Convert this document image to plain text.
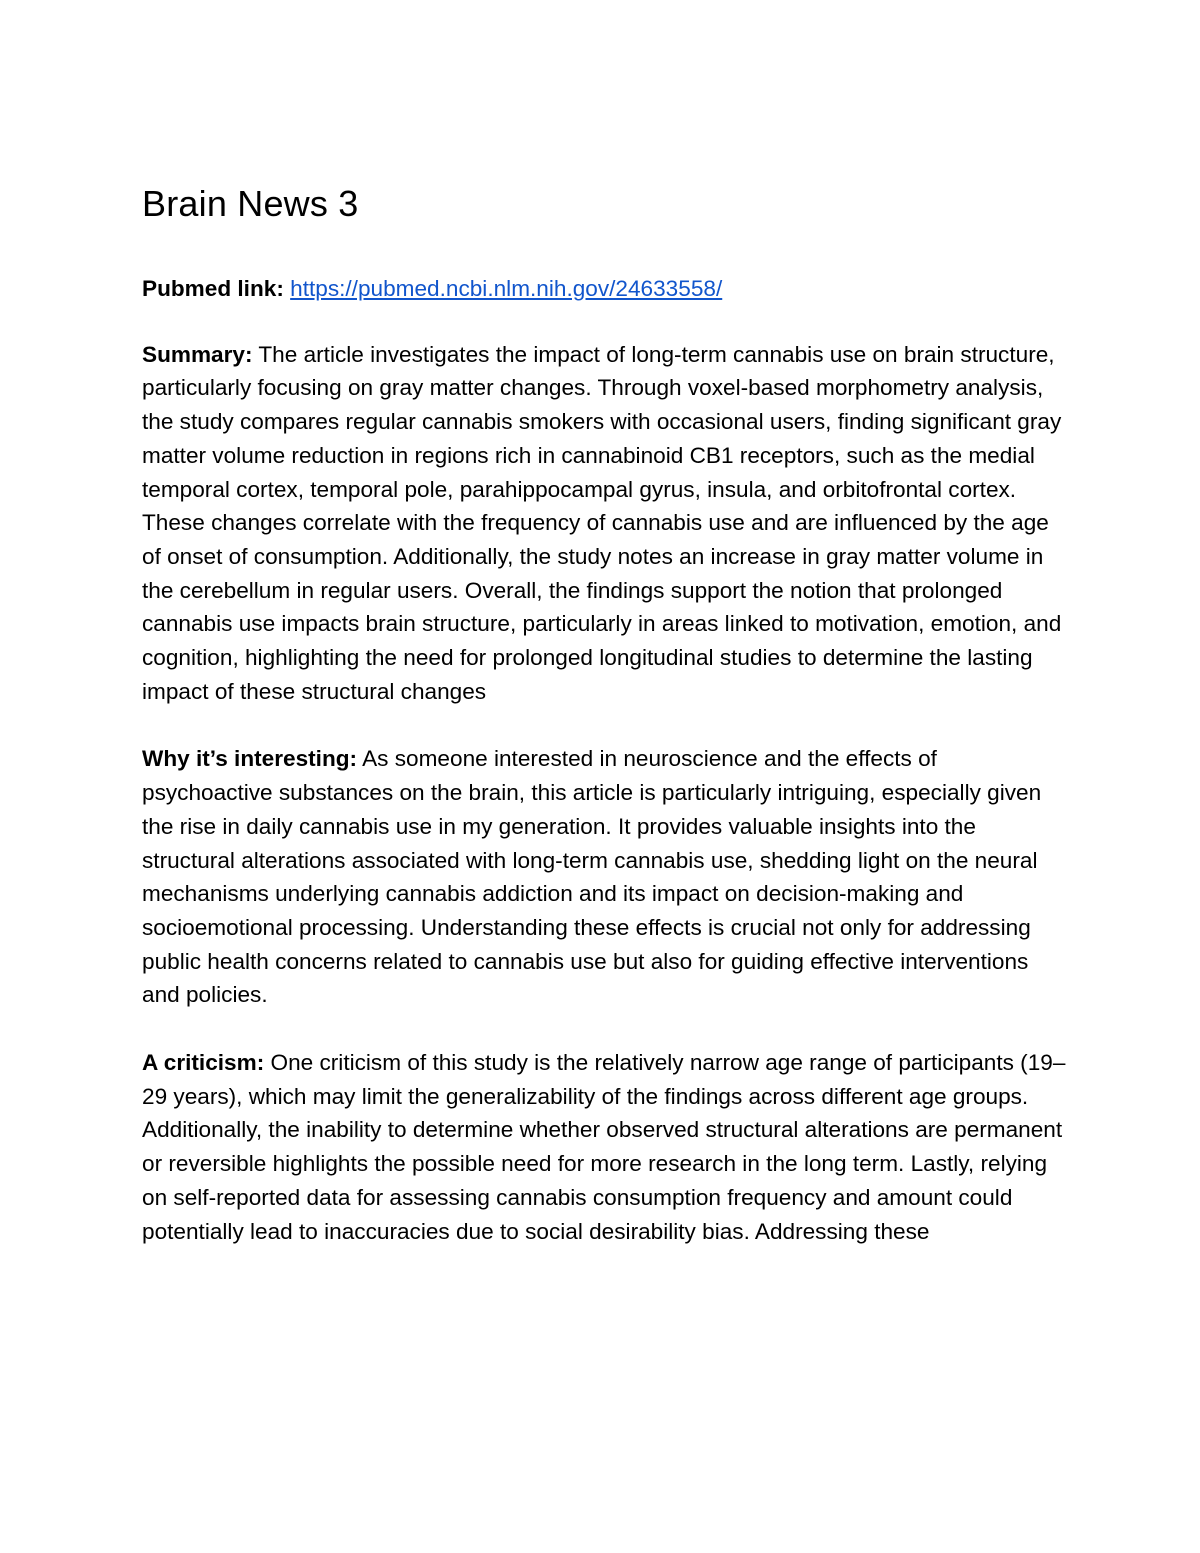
Brain News 3

Pubmed link: https://pubmed.ncbi.nlm.nih.gov/24633558/

Summary: The article investigates the impact of long-term cannabis use on brain structure, particularly focusing on gray matter changes. Through voxel-based morphometry analysis, the study compares regular cannabis smokers with occasional users, finding significant gray matter volume reduction in regions rich in cannabinoid CB1 receptors, such as the medial temporal cortex, temporal pole, parahippocampal gyrus, insula, and orbitofrontal cortex. These changes correlate with the frequency of cannabis use and are influenced by the age of onset of consumption. Additionally, the study notes an increase in gray matter volume in the cerebellum in regular users. Overall, the findings support the notion that prolonged cannabis use impacts brain structure, particularly in areas linked to motivation, emotion, and cognition, highlighting the need for prolonged longitudinal studies to determine the lasting impact of these structural changes

Why it’s interesting: As someone interested in neuroscience and the effects of psychoactive substances on the brain, this article is particularly intriguing, especially given the rise in daily cannabis use in my generation. It provides valuable insights into the structural alterations associated with long-term cannabis use, shedding light on the neural mechanisms underlying cannabis addiction and its impact on decision-making and socioemotional processing. Understanding these effects is crucial not only for addressing public health concerns related to cannabis use but also for guiding effective interventions and policies.

A criticism: One criticism of this study is the relatively narrow age range of participants (19–29 years), which may limit the generalizability of the findings across different age groups. Additionally, the inability to determine whether observed structural alterations are permanent or reversible highlights the possible need for more research in the long term. Lastly, relying on self-reported data for assessing cannabis consumption frequency and amount could potentially lead to inaccuracies due to social desirability bias. Addressing these
